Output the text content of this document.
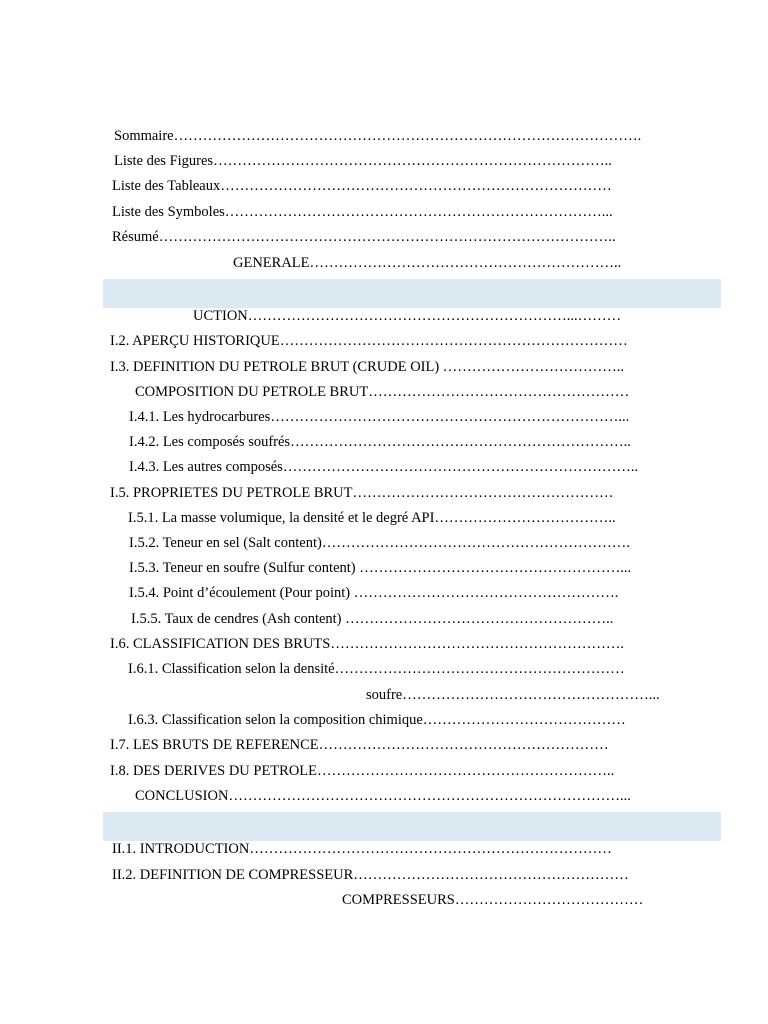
Sommaire…………………………………………………………………………………….
Liste des Figures………………………………………………………………………..
Liste des Tableaux………………………………………………………………………
Liste des Symboles……………………………………………………………………...
Résumé…………………………………………………………………………………..
GENERALE………………………………………………………..
UCTION…………………………………………………………...………
I.2. APERÇU HISTORIQUE………………………………………………………………
I.3. DEFINITION DU PETROLE BRUT (CRUDE OIL) ………………………………..
COMPOSITION DU PETROLE BRUT………………………………………………
I.4.1. Les hydrocarbures………………………………………………………………...
I.4.2. Les composés soufrés……………………………………………………………..
I.4.3. Les autres composés………………………………………………………………..
I.5. PROPRIETES DU PETROLE BRUT………………………………………………
I.5.1. La masse volumique, la densité et le degré API………………………………..
I.5.2. Teneur en sel (Salt content)……………………………………………………….
I.5.3. Teneur en soufre (Sulfur content) ………………………………………………...
I.5.4. Point d’écoulement (Pour point) ……………………………………………….
I.5.5. Taux de cendres (Ash content) ………………………………………………..
I.6. CLASSIFICATION DES BRUTS…………………………………………………….
I.6.1. Classification selon la densité……………………………………………………
soufre……………………………………………...
I.6.3. Classification selon la composition chimique……………………………………
I.7. LES BRUTS DE REFERENCE……………………………………………………
I.8. DES DERIVES DU PETROLE……………………………………………………..
CONCLUSION………………………………………………………………………...
II.1. INTRODUCTION…………………………………………………………………
II.2. DEFINITION DE COMPRESSEUR…………………………………………………
COMPRESSEURS…………………………………
